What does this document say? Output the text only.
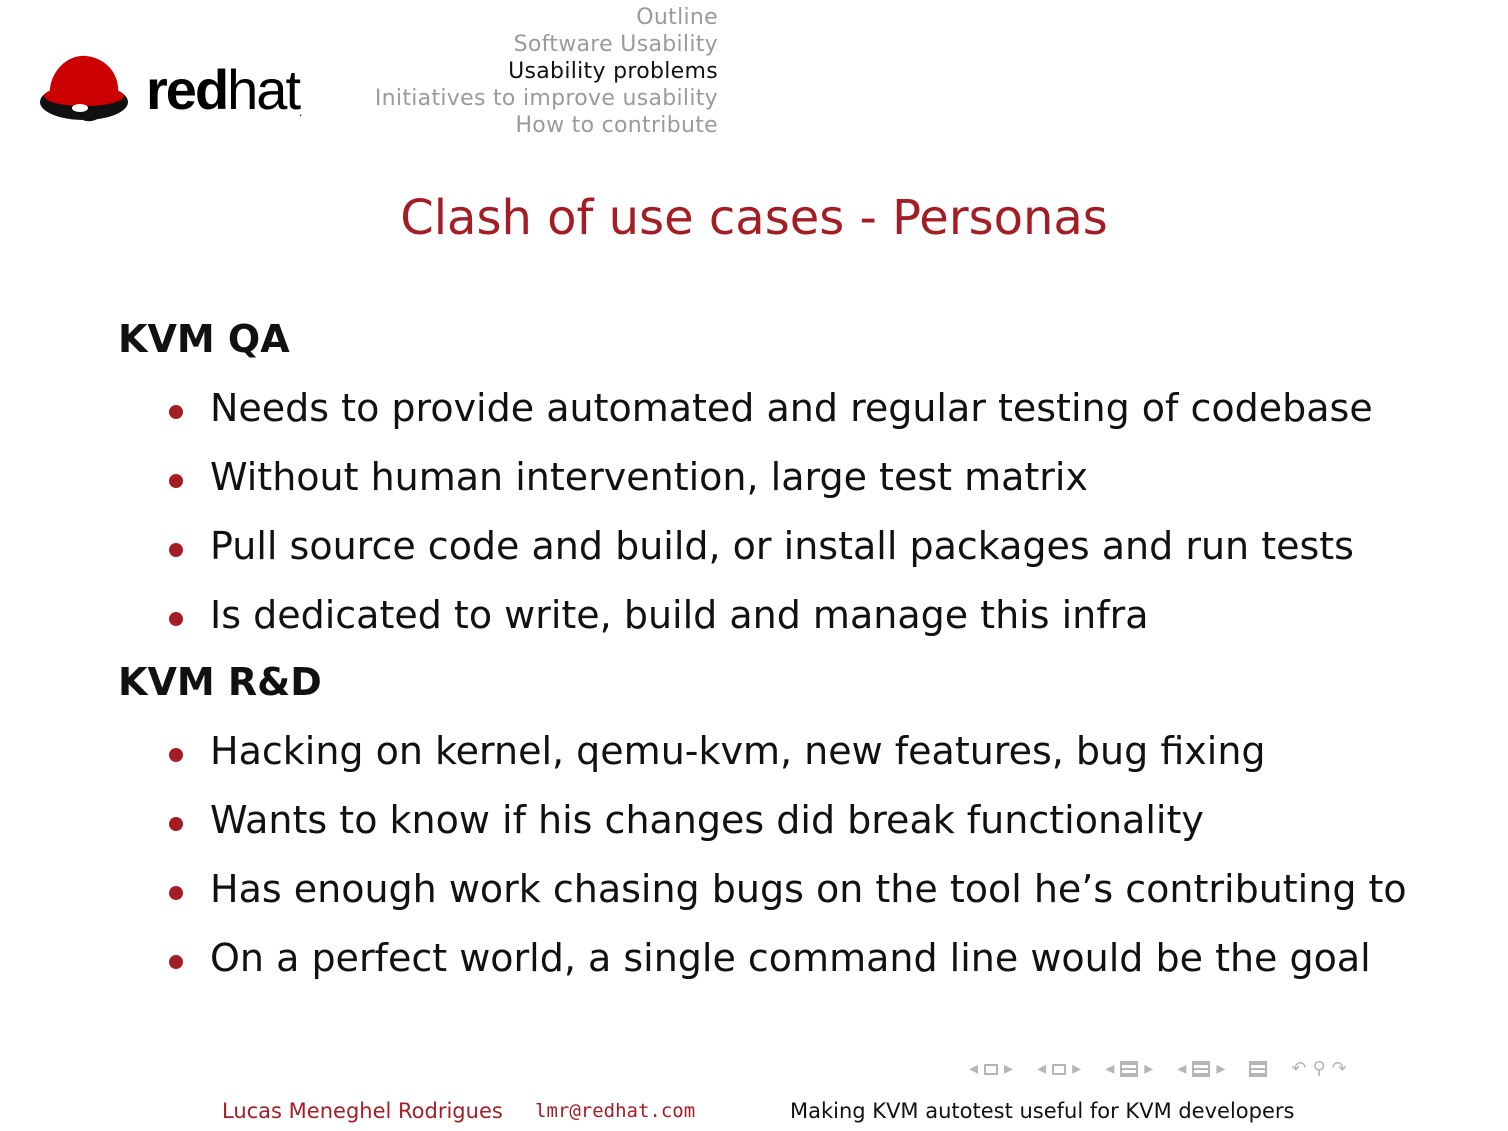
redhat.
Outline
Software Usability
Usability problems
Initiatives to improve usability
How to contribute
Clash of use cases - Personas
KVM QA
Needs to provide automated and regular testing of codebase
Without human intervention, large test matrix
Pull source code and build, or install packages and run tests
Is dedicated to write, build and manage this infra
KVM R&D
Hacking on kernel, qemu-kvm, new features, bug fixing
Wants to know if his changes did break functionality
Has enough work chasing bugs on the tool he’s contributing to
On a perfect world, a single command line would be the goal
◂ ▸ ◂ ▸ ◂ ▸ ◂ ▸	↶ ⚲ ↷
Lucas Meneghel Rodrigues lmr@redhat.com	Making KVM autotest useful for KVM developers
